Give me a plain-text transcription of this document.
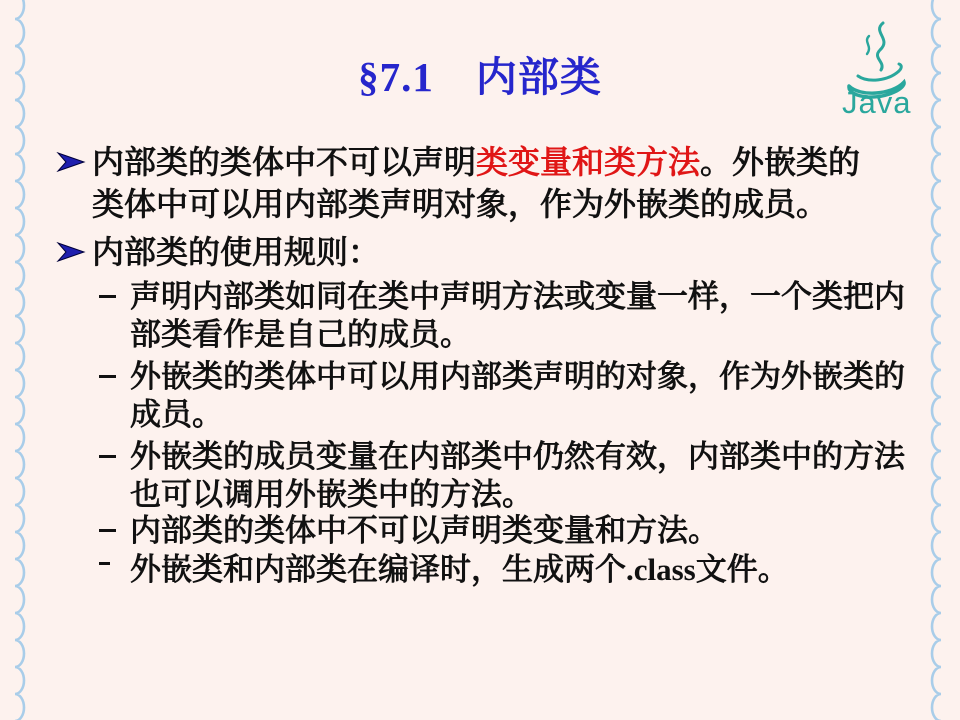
§7.1　内部类
Java
内部类的类体中不可以声明类变量和类方法。外嵌类的
类体中可以用内部类声明对象，作为外嵌类的成员。
内部类的使用规则：
声明内部类如同在类中声明方法或变量一样，一个类把内
部类看作是自己的成员。
外嵌类的类体中可以用内部类声明的对象，作为外嵌类的
成员。
外嵌类的成员变量在内部类中仍然有效，内部类中的方法
也可以调用外嵌类中的方法。
内部类的类体中不可以声明类变量和方法。
外嵌类和内部类在编译时，生成两个.class文件。
